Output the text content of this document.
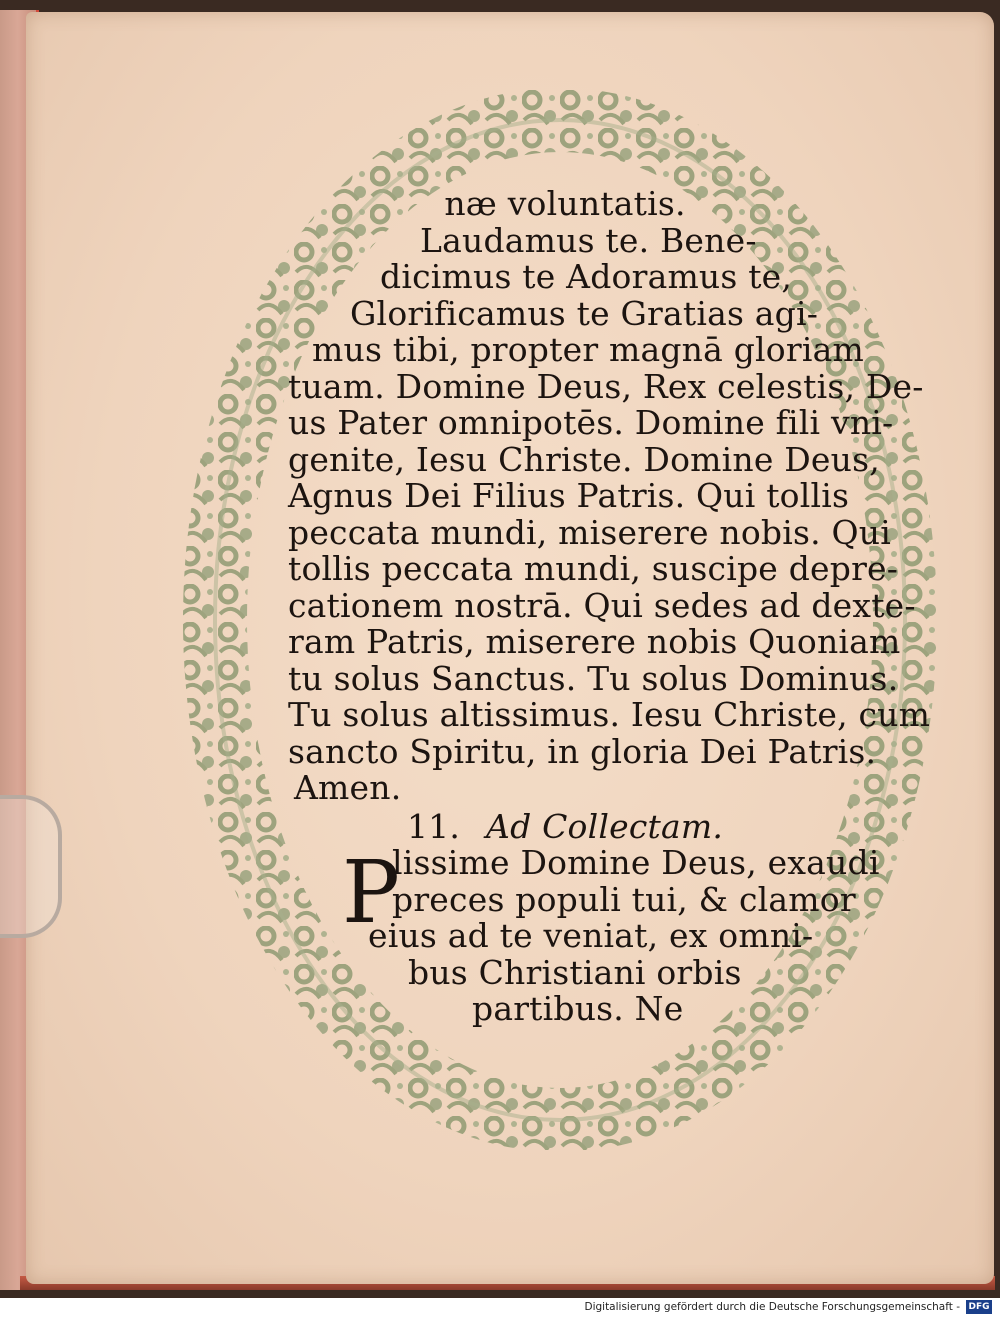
næ voluntatis.
Laudamus te. Bene-
dicimus te Adoramus te,
Glorificamus te Gratias agi-
mus tibi, propter magnā gloriam
tuam. Domine Deus, Rex celestis, De-
us Pater omnipotēs. Domine fili vni-
genite, Iesu Christe. Domine Deus,
Agnus Dei Filius Patris. Qui tollis
peccata mundi, miserere nobis. Qui
tollis peccata mundi, suscipe depre-
cationem nostrā. Qui sedes ad dexte-
ram Patris, miserere nobis Quoniam
tu solus Sanctus. Tu solus Dominus.
Tu solus altissimus. Iesu Christe, cum
sancto Spiritu, in gloria Dei Patris.
Amen.
11. Ad Collectam.
P
lissime Domine Deus, exaudi
preces populi tui, & clamor
eius ad te veniat, ex omni-
bus Christiani orbis
partibus. Ne
Digitalisierung gefördert durch die Deutsche Forschungsgemeinschaft - DFG
